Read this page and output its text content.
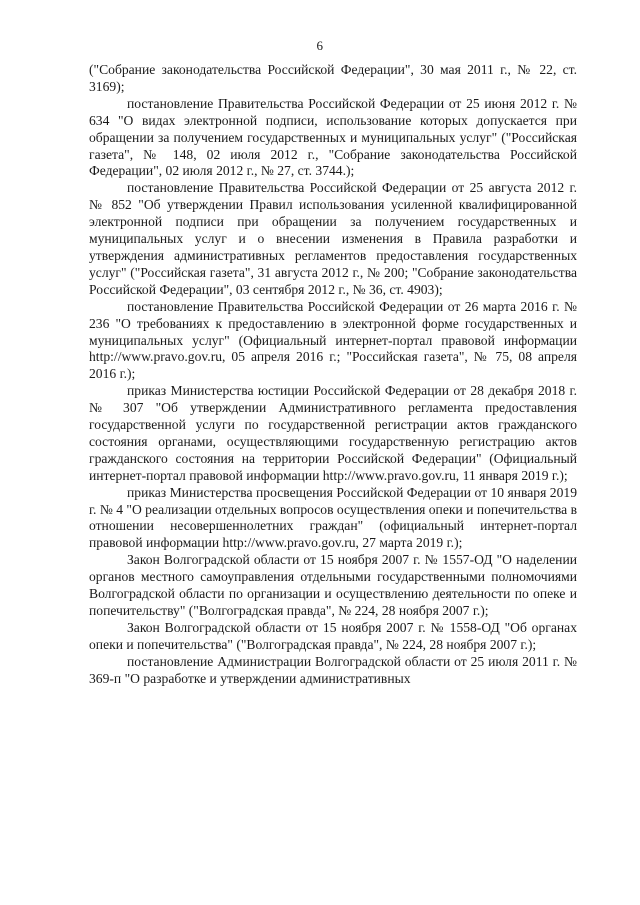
6

("Собрание законодательства Российской Федерации", 30 мая 2011 г., № 22, ст. 3169);

постановление Правительства Российской Федерации от 25 июня 2012 г. № 634 "О видах электронной подписи, использование которых допускается при обращении за получением государственных и муниципальных услуг" ("Российская газета", № 148, 02 июля 2012 г., "Собрание законодательства Российской Федерации", 02 июля 2012 г., № 27, ст. 3744.);

постановление Правительства Российской Федерации от 25 августа 2012 г. № 852 "Об утверждении Правил использования усиленной квалифицированной электронной подписи при обращении за получением государственных и муниципальных услуг и о внесении изменения в Правила разработки и утверждения административных регламентов предоставления государственных услуг" ("Российская газета", 31 августа 2012 г., № 200; "Собрание законодательства Российской Федерации", 03 сентября 2012 г., № 36, ст. 4903);

постановление Правительства Российской Федерации от 26 марта 2016 г. № 236 "О требованиях к предоставлению в электронной форме государственных и муниципальных услуг" (Официальный интернет-портал правовой информации http://www.pravo.gov.ru, 05 апреля 2016 г.; "Российская газета", № 75, 08 апреля 2016 г.);

приказ Министерства юстиции Российской Федерации от 28 декабря 2018 г. № 307 "Об утверждении Административного регламента предоставления государственной услуги по государственной регистрации актов гражданского состояния органами, осуществляющими государственную регистрацию актов гражданского состояния на территории Российской Федерации" (Официальный интернет-портал правовой информации http://www.pravo.gov.ru, 11 января 2019 г.);

приказ Министерства просвещения Российской Федерации от 10 января 2019 г. № 4 "О реализации отдельных вопросов осуществления опеки и попечительства в отношении несовершеннолетних граждан" (официальный интернет-портал правовой информации http://www.pravo.gov.ru, 27 марта 2019 г.);

Закон Волгоградской области от 15 ноября 2007 г. № 1557-ОД "О наделении органов местного самоуправления отдельными государственными полномочиями Волгоградской области по организации и осуществлению деятельности по опеке и попечительству" ("Волгоградская правда", № 224, 28 ноября 2007 г.);

Закон Волгоградской области от 15 ноября 2007 г. № 1558-ОД "Об органах опеки и попечительства" ("Волгоградская правда", № 224, 28 ноября 2007 г.);

постановление Администрации Волгоградской области от 25 июля 2011 г. № 369-п "О разработке и утверждении административных
